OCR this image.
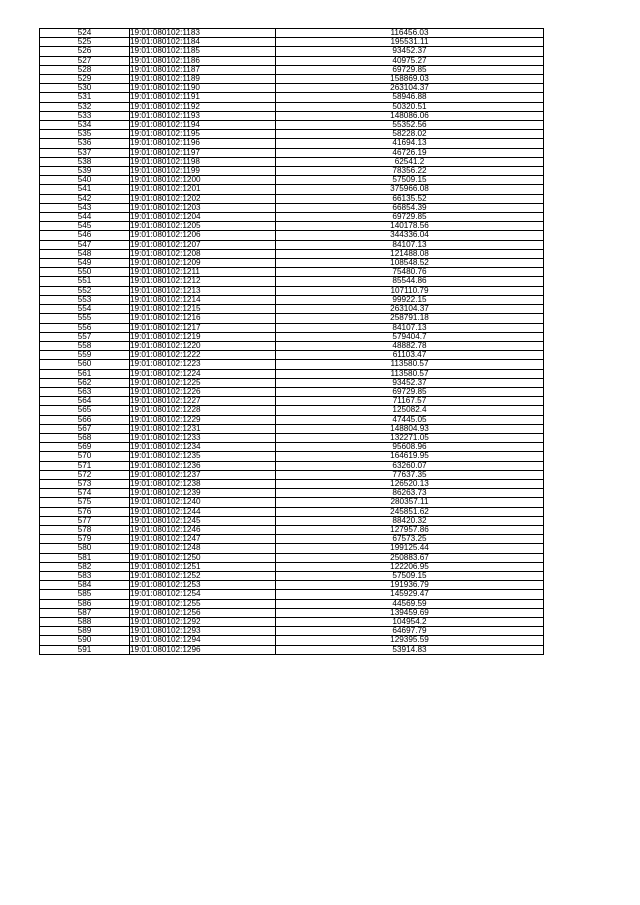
524	19:01:080102:1183	116456.03
525	19:01:080102:1184	195531.11
526	19:01:080102:1185	93452.37
527	19:01:080102:1186	40975.27
528	19:01:080102:1187	69729.85
529	19:01:080102:1189	158869.03
530	19:01:080102:1190	263104.37
531	19:01:080102:1191	58946.88
532	19:01:080102:1192	50320.51
533	19:01:080102:1193	148086.06
534	19:01:080102:1194	55352.56
535	19:01:080102:1195	58228.02
536	19:01:080102:1196	41694.13
537	19:01:080102:1197	46726.19
538	19:01:080102:1198	62541.2
539	19:01:080102:1199	78356.22
540	19:01:080102:1200	57509.15
541	19:01:080102:1201	375966.08
542	19:01:080102:1202	66135.52
543	19:01:080102:1203	66854.39
544	19:01:080102:1204	69729.85
545	19:01:080102:1205	140178.56
546	19:01:080102:1206	344336.04
547	19:01:080102:1207	84107.13
548	19:01:080102:1208	121488.08
549	19:01:080102:1209	108548.52
550	19:01:080102:1211	75480.76
551	19:01:080102:1212	85544.86
552	19:01:080102:1213	107110.79
553	19:01:080102:1214	99922.15
554	19:01:080102:1215	263104.37
555	19:01:080102:1216	258791.18
556	19:01:080102:1217	84107.13
557	19:01:080102:1219	579404.7
558	19:01:080102:1220	48882.78
559	19:01:080102:1222	61103.47
560	19:01:080102:1223	113580.57
561	19:01:080102:1224	113580.57
562	19:01:080102:1225	93452.37
563	19:01:080102:1226	69729.85
564	19:01:080102:1227	71167.57
565	19:01:080102:1228	125082.4
566	19:01:080102:1229	47445.05
567	19:01:080102:1231	148804.93
568	19:01:080102:1233	132271.05
569	19:01:080102:1234	95608.96
570	19:01:080102:1235	164619.95
571	19:01:080102:1236	63260.07
572	19:01:080102:1237	77637.35
573	19:01:080102:1238	126520.13
574	19:01:080102:1239	86263.73
575	19:01:080102:1240	280357.11
576	19:01:080102:1244	245851.62
577	19:01:080102:1245	88420.32
578	19:01:080102:1246	127957.86
579	19:01:080102:1247	67573.25
580	19:01:080102:1248	199125.44
581	19:01:080102:1250	250883.67
582	19:01:080102:1251	122206.95
583	19:01:080102:1252	57509.15
584	19:01:080102:1253	191936.79
585	19:01:080102:1254	145929.47
586	19:01:080102:1255	44569.59
587	19:01:080102:1256	139459.69
588	19:01:080102:1292	104954.2
589	19:01:080102:1293	64697.79
590	19:01:080102:1294	129395.59
591	19:01:080102:1296	53914.83
